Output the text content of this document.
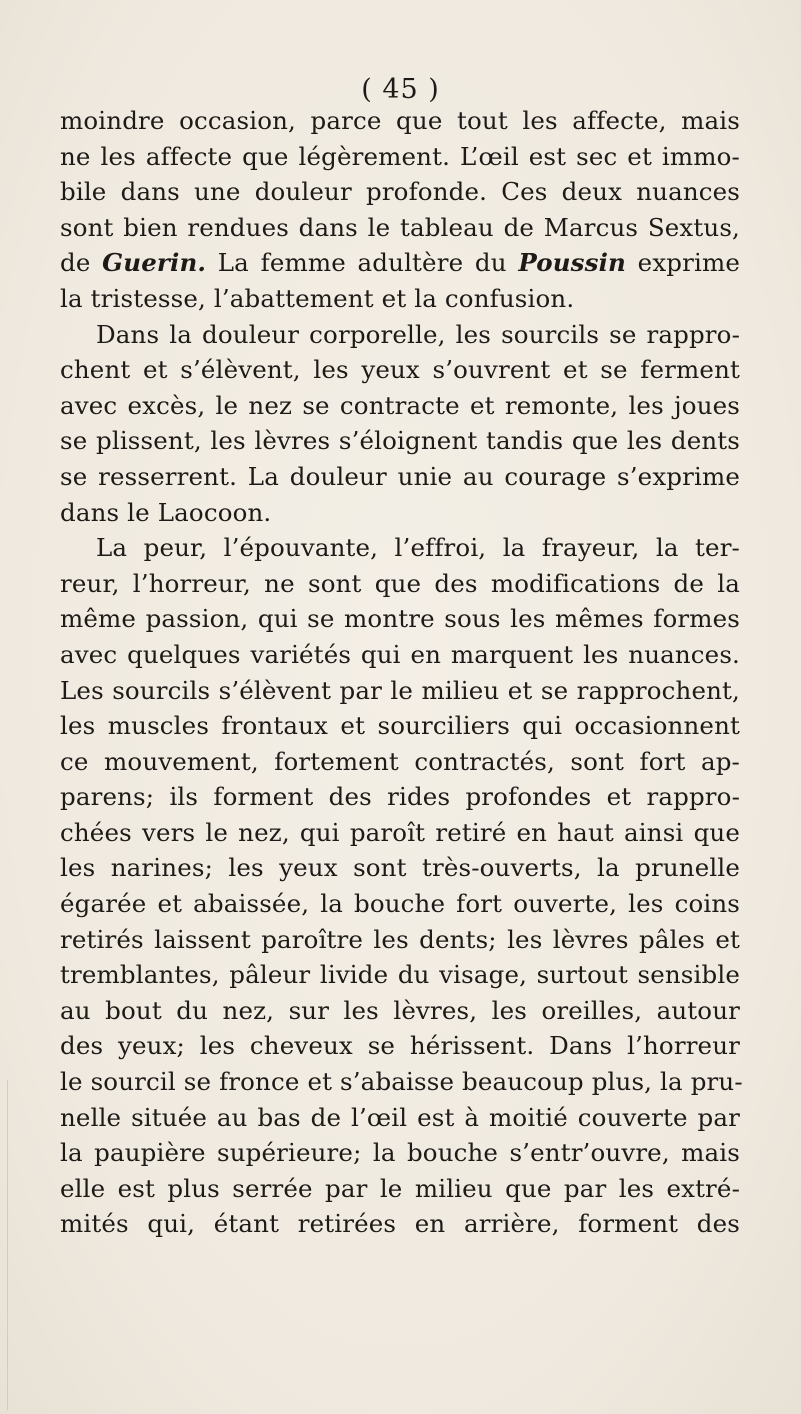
( 45 )
moindre occasion, parce que tout les affecte, mais
ne les affecte que légèrement. L’œil est sec et immo-
bile dans une douleur profonde. Ces deux nuances
sont bien rendues dans le tableau de Marcus Sextus,
de Guerin. La femme adultère du Poussin exprime
la tristesse, l’abattement et la confusion.
Dans la douleur corporelle, les sourcils se rappro-
chent et s’élèvent, les yeux s’ouvrent et se ferment
avec excès, le nez se contracte et remonte, les joues
se plissent, les lèvres s’éloignent tandis que les dents
se resserrent. La douleur unie au courage s’exprime
dans le Laocoon.
La peur, l’épouvante, l’effroi, la frayeur, la ter-
reur, l’horreur, ne sont que des modifications de la
même passion, qui se montre sous les mêmes formes
avec quelques variétés qui en marquent les nuances.
Les sourcils s’élèvent par le milieu et se rapprochent,
les muscles frontaux et sourciliers qui occasionnent
ce mouvement, fortement contractés, sont fort ap-
parens; ils forment des rides profondes et rappro-
chées vers le nez, qui paroît retiré en haut ainsi que
les narines; les yeux sont très-ouverts, la prunelle
égarée et abaissée, la bouche fort ouverte, les coins
retirés laissent paroître les dents; les lèvres pâles et
tremblantes, pâleur livide du visage, surtout sensible
au bout du nez, sur les lèvres, les oreilles, autour
des yeux; les cheveux se hérissent. Dans l’horreur
le sourcil se fronce et s’abaisse beaucoup plus, la pru-
nelle située au bas de l’œil est à moitié couverte par
la paupière supérieure; la bouche s’entr’ouvre, mais
elle est plus serrée par le milieu que par les extré-
mités qui, étant retirées en arrière, forment des
